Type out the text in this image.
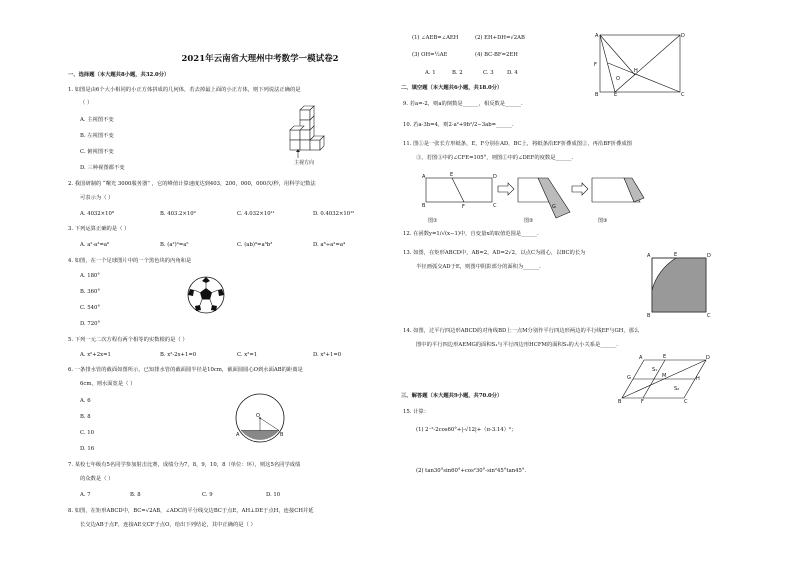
2021年云南省大理州中考数学一模试卷2
一、选择题（本大题共8小题，共32.0分）
1. 如图是由6个大小相同的小正方体拼成的几何体，若去掉最上面的小正方体，则下列说法正确的是
（ ）
A. 主视图不变
B. 左视图不变
C. 俯视图不变
D. 三种视图都不变
主视方向
2. 我国研制的 “曙光 3000服务器” ，它的峰值计算速度达到403，200，000，000次/秒，用科学记数法
可表示为（ ）
A. 4032×10⁸	B. 403.2×10⁹	C. 4.032×10¹¹	D. 0.4032×10¹²
3. 下列运算正确的是（ ）
A. a²·a³=a⁶	B. (a²)³=a⁵	C. (ab)³=a³b³	D. a⁸÷a²=a⁴
4. 如图，在一个足球图片中的一个黑色块的内角和是
A. 180°
B. 360°
C. 540°
D. 720°
5. 下列一元二次方程有两个相等的实数根的是（ ）
A. x²+2x=1	B. x²-2x+1=0	C. x²=1	D. x²+1=0
6. 一条排水管的截面如图所示，已知排水管的截面圆半径是10cm，截面圆圆心O到水面AB的距离是
6cm，则水面宽是（ ）
A. 6
B. 8
C. 10
D. 16
O
A	B
7. 某校七年级有5名同学参加射击比赛，成绩分为7，8，9，10，8（单位：环），则这5名同学成绩
的众数是（ ）
A. 7	B. 8	C. 9	D. 10
8. 如图，在矩形ABCD中，BC=√2AB，∠ADC的平分线交边BC于点E，AH⊥DE于点H，连接CH并延
长交边AB于点F，连接AE交CF于点O，给出下列结论，其中正确的是（ ）
(1) ∠AEB=∠AEH	(2) EH+DH=√2AB
(3) OH=½AE	(4) BC-BF=2EH
A. 1	B. 2	C. 3	D. 4
A	D
H
O
F
B	E	C
二、填空题（本大题共6小题，共18.0分）
9. 若a=-2，则a的倒数是______，相反数是______.
10. 若a-3b=4，则2·a²+9b²/2−3ab=______.
11. 图①是一张长方形纸条，E，F分别在AD，BC上，将纸条沿EF折叠成图②，再沿BF折叠成图
③，若图③中的∠CFE=105°，则图①中的∠DEF的度数是______.
A	E	D
B	F	C	G
图①	图②	图③
12. 在函数y=1/√(x−1)中，自变量x的取值范围是______.
13. 如图，在矩形ABCD中，AB=2，AD=2√2，以点C为圆心，以BC的长为
半径画弧交AD于E，则图中阴影部分的面积为______.
A	E	D
B	C
14. 如图，过平行四边形ABCD的对角线BD上一点M分别作平行四边形两边的平行线EF与GH，那么
图中的平行四边形AEMG的面积S₁与平行四边形HCFM的面积S₂的大小关系是______.
A	E	D
G	M	H
B	F	C
S₁
S₂
三、解答题（本大题共9小题，共70.0分）
15. 计算：
(1) 2⁻²-2cos60°+|-√12|+（π-3.14）⁰；
(2) tan30°sin60°+cos²30°-sin²45°tan45°.
